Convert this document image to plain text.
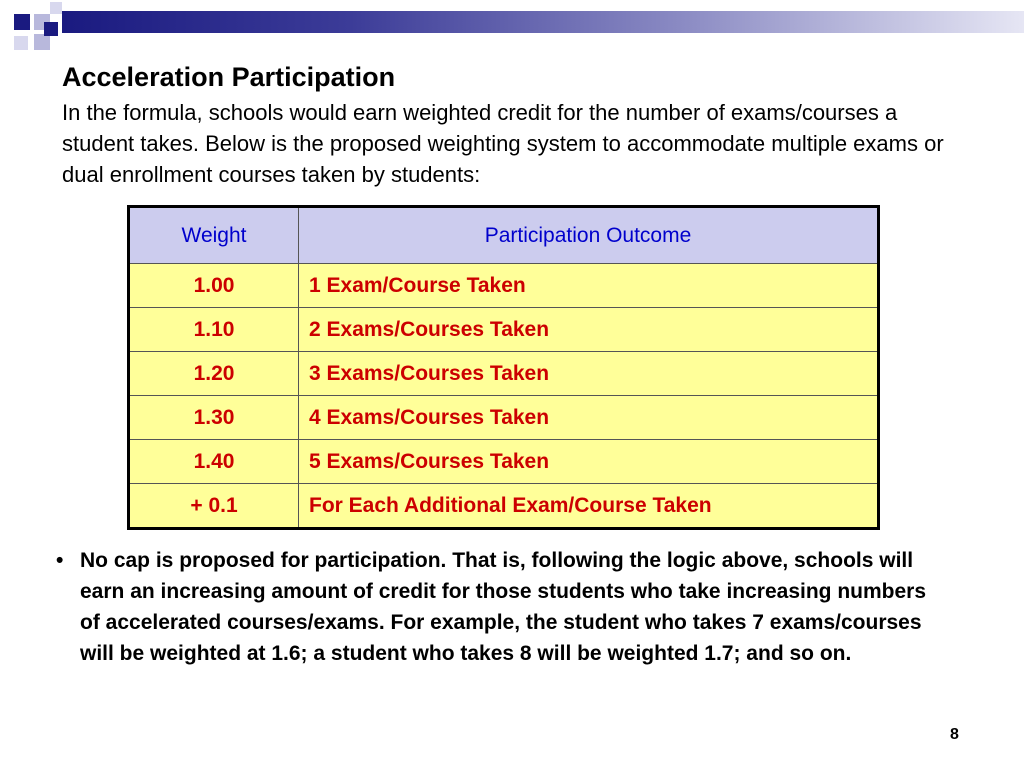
Acceleration Participation

In the formula, schools would earn weighted credit for the number of exams/courses a student takes. Below is the proposed weighting system to accommodate multiple exams or dual enrollment courses taken by students:

Weight	Participation Outcome
1.00	1 Exam/Course Taken
1.10	2 Exams/Courses Taken
1.20	3 Exams/Courses Taken
1.30	4 Exams/Courses Taken
1.40	5 Exams/Courses Taken
+ 0.1	For Each Additional Exam/Course Taken
• No cap is proposed for participation. That is, following the logic above, schools will earn an increasing amount of credit for those students who take increasing numbers of accelerated courses/exams. For example, the student who takes 7 exams/courses will be weighted at 1.6; a student who takes 8 will be weighted 1.7; and so on.
8
